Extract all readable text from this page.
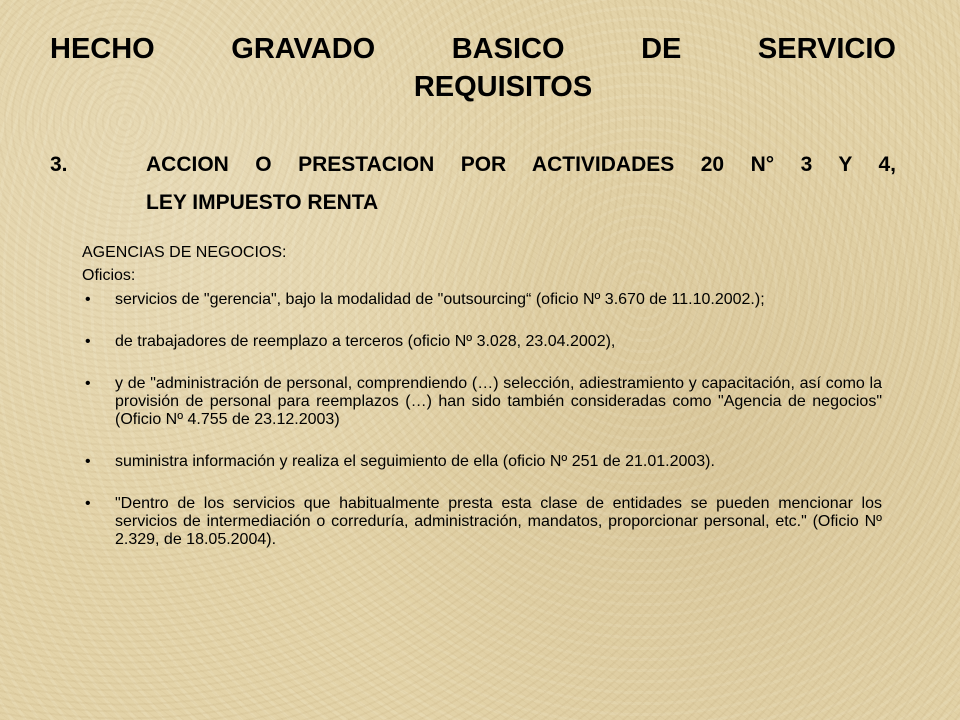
HECHO	GRAVADO	BASICO	DE	SERVICIO
REQUISITOS
3.	ACCION O PRESTACION POR ACTIVIDADES 20 N° 3 Y 4,
LEY IMPUESTO RENTA
AGENCIAS DE NEGOCIOS:
Oficios:
• servicios de "gerencia", bajo la modalidad de "outsourcing“ (oficio Nº 3.670 de 11.10.2002.);
• de trabajadores de reemplazo a terceros (oficio Nº 3.028, 23.04.2002),
• y de "administración de personal, comprendiendo (…) selección, adiestramiento y capacitación, así como la provisión de personal para reemplazos (…) han sido también consideradas como "Agencia de negocios" (Oficio Nº 4.755 de 23.12.2003)
• suministra información y realiza el seguimiento de ella (oficio Nº 251 de 21.01.2003).
• "Dentro de los servicios que habitualmente presta esta clase de entidades se pueden mencionar los servicios de intermediación o correduría, administración, mandatos, proporcionar personal, etc." (Oficio Nº 2.329, de 18.05.2004).
